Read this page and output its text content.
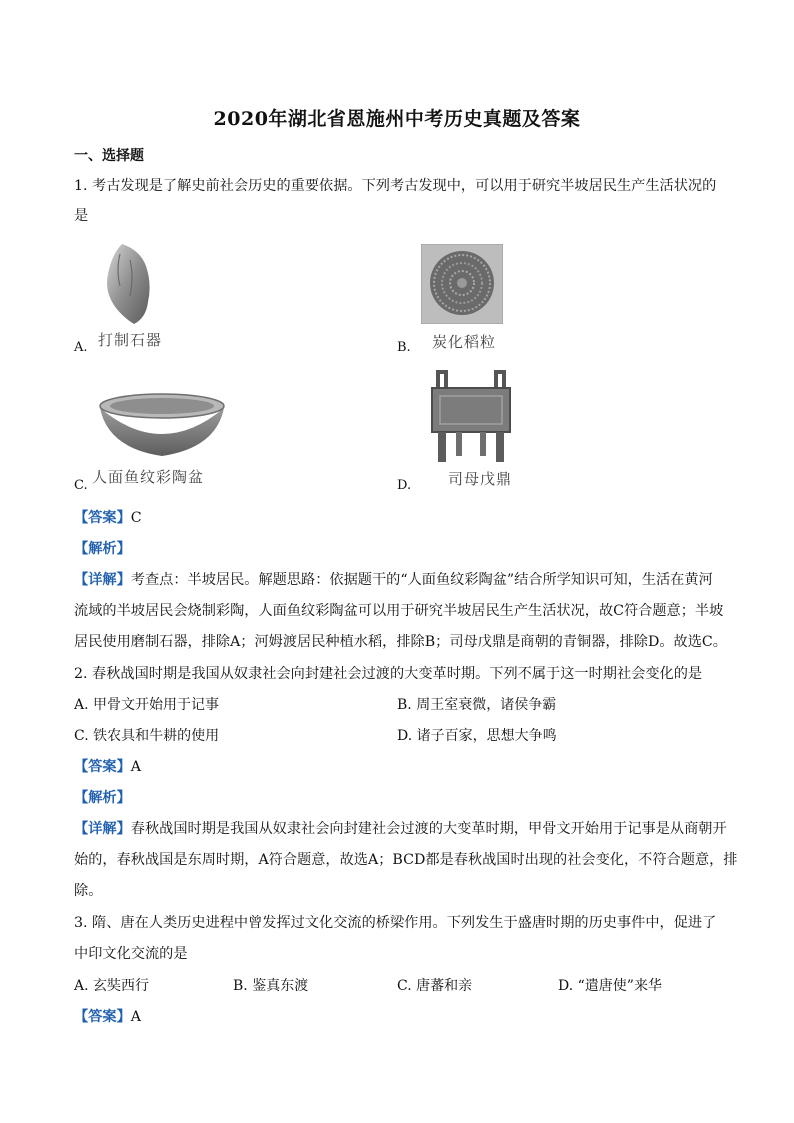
2020年湖北省恩施州中考历史真题及答案
一、选择题
1. 考古发现是了解史前社会历史的重要依据。下列考古发现中，可以用于研究半坡居民生产生活状况的
是
打制石器
A.	炭化稻粒
B.
人面鱼纹彩陶盆
C.	司母戊鼎
D.
【答案】C
【解析】
【详解】考查点：半坡居民。解题思路：依据题干的“人面鱼纹彩陶盆”结合所学知识可知，生活在黄河
流域的半坡居民会烧制彩陶，人面鱼纹彩陶盆可以用于研究半坡居民生产生活状况，故C符合题意；半坡
居民使用磨制石器，排除A；河姆渡居民种植水稻，排除B；司母戊鼎是商朝的青铜器，排除D。故选C。
2. 春秋战国时期是我国从奴隶社会向封建社会过渡的大变革时期。下列不属于这一时期社会变化的是
A. 甲骨文开始用于记事	B. 周王室衰微，诸侯争霸
C. 铁农具和牛耕的使用	D. 诸子百家，思想大争鸣
【答案】A
【解析】
【详解】春秋战国时期是我国从奴隶社会向封建社会过渡的大变革时期，甲骨文开始用于记事是从商朝开
始的，春秋战国是东周时期，A符合题意，故选A；BCD都是春秋战国时出现的社会变化，不符合题意，排
除。
3. 隋、唐在人类历史进程中曾发挥过文化交流的桥梁作用。下列发生于盛唐时期的历史事件中，促进了
中印文化交流的是
A. 玄奘西行	B. 鉴真东渡	C. 唐蕃和亲	D. “遣唐使”来华
【答案】A
